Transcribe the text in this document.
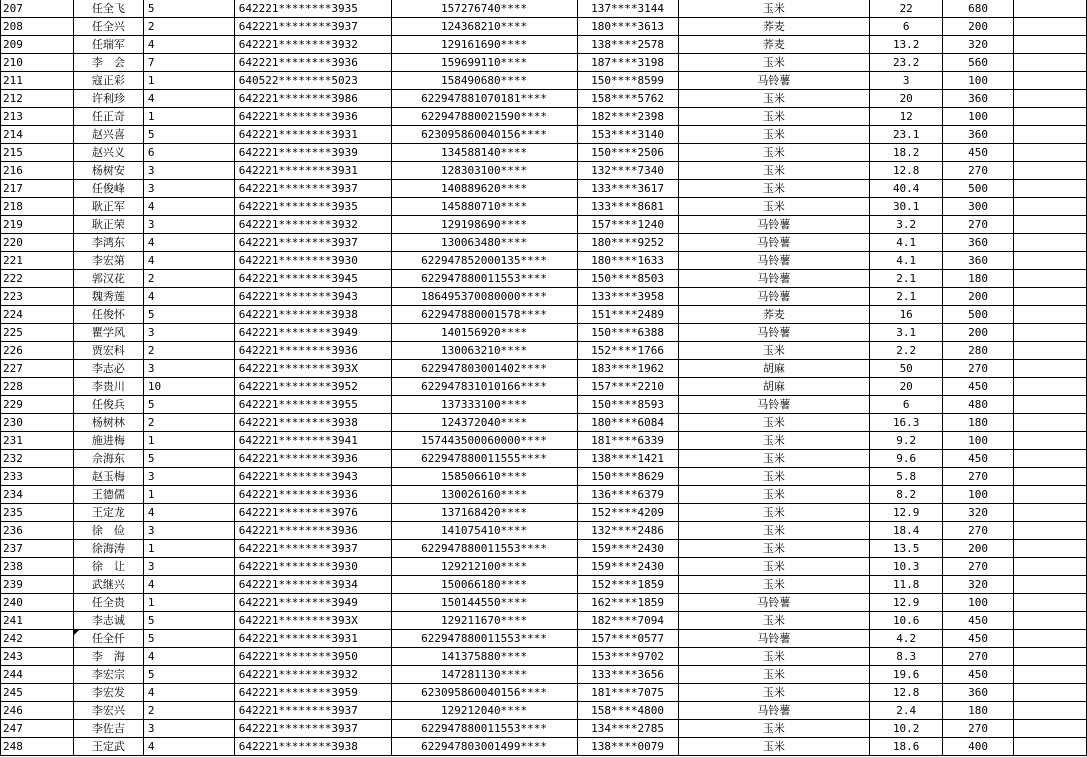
207	任全飞	5	642221********3935	157276740****	137****3144	玉米	22	680	
208	任全兴	2	642221********3937	124368210****	180****3613	荞麦	6	200	
209	任瑞军	4	642221********3932	129161690****	138****2578	荞麦	13.2	320	
210	李　会	7	642221********3936	159699110****	187****3198	玉米	23.2	560	
211	寇正彩	1	640522********5023	158490680****	150****8599	马铃薯	3	100	
212	许利珍	4	642221********3986	622947881070181****	158****5762	玉米	20	360	
213	任正奇	1	642221********3936	622947880021590****	182****2398	玉米	12	100	
214	赵兴喜	5	642221********3931	623095860040156****	153****3140	玉米	23.1	360	
215	赵兴义	6	642221********3939	134588140****	150****2506	玉米	18.2	450	
216	杨树安	3	642221********3931	128303100****	132****7340	玉米	12.8	270	
217	任俊峰	3	642221********3937	140889620****	133****3617	玉米	40.4	500	
218	耿正军	4	642221********3935	145880710****	133****8681	玉米	30.1	300	
219	耿正荣	3	642221********3932	129198690****	157****1240	马铃薯	3.2	270	
220	李鸿东	4	642221********3937	130063480****	180****9252	马铃薯	4.1	360	
221	李宏第	4	642221********3930	622947852000135****	180****1633	马铃薯	4.1	360	
222	郭汉花	2	642221********3945	622947880011553****	150****8503	马铃薯	2.1	180	
223	魏秀莲	4	642221********3943	186495370080000****	133****3958	马铃薯	2.1	200	
224	任俊怀	5	642221********3938	622947880001578****	151****2489	荞麦	16	500	
225	瞿学风	3	642221********3949	140156920****	150****6388	马铃薯	3.1	200	
226	贾宏科	2	642221********3936	130063210****	152****1766	玉米	2.2	280	
227	李志必	3	642221********393X	622947803001402****	183****1962	胡麻	50	270	
228	李贵川	10	642221********3952	622947831010166****	157****2210	胡麻	20	450	
229	任俊兵	5	642221********3955	137333100****	150****8593	马铃薯	6	480	
230	杨树林	2	642221********3938	124372040****	180****6084	玉米	16.3	180	
231	施进梅	1	642221********3941	157443500060000****	181****6339	玉米	9.2	100	
232	佘海东	5	642221********3936	622947880011555****	138****1421	玉米	9.6	450	
233	赵玉梅	3	642221********3943	158506610****	150****8629	玉米	5.8	270	
234	王德儒	1	642221********3936	130026160****	136****6379	玉米	8.2	100	
235	王定龙	4	642221********3976	137168420****	152****4209	玉米	12.9	320	
236	徐　俭	3	642221********3936	141075410****	132****2486	玉米	18.4	270	
237	徐海涛	1	642221********3937	622947880011553****	159****2430	玉米	13.5	200	
238	徐　让	3	642221********3930	129212100****	159****2430	玉米	10.3	270	
239	武继兴	4	642221********3934	150066180****	152****1859	玉米	11.8	320	
240	任全贵	1	642221********3949	150144550****	162****1859	马铃薯	12.9	100	
241	李志诚	5	642221********393X	129211670****	182****7094	玉米	10.6	450	
242	任全仟	5	642221********3931	622947880011553****	157****0577	马铃薯	4.2	450	
243	李　海	4	642221********3950	141375880****	153****9702	玉米	8.3	270	
244	李宏宗	5	642221********3932	147281130****	133****3656	玉米	19.6	450	
245	李宏发	4	642221********3959	623095860040156****	181****7075	玉米	12.8	360	
246	李宏兴	2	642221********3937	129212040****	158****4800	马铃薯	2.4	180	
247	李佐吉	3	642221********3937	622947880011553****	134****2785	玉米	10.2	270	
248	王定武	4	642221********3938	622947803001499****	138****0079	玉米	18.6	400	
